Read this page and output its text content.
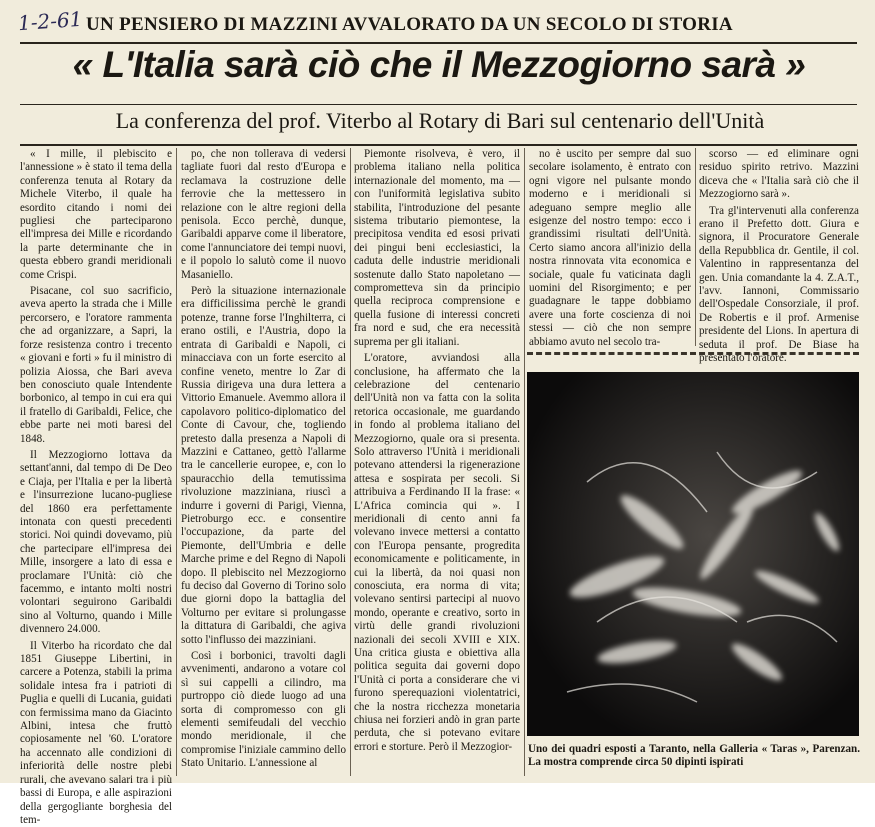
1-2-61 UN PENSIERO DI MAZZINI AVVALORATO DA UN SECOLO DI STORIA
« L'Italia sarà ciò che il Mezzogiorno sarà »
La conferenza del prof. Viterbo al Rotary di Bari sul centenario dell'Unità

« I mille, il plebiscito e l'annessione » è stato il tema della conferenza tenuta al Rotary da Michele Viterbo, il quale ha esordito citando i nomi dei pugliesi che parteciparono ell'impresa dei Mille e ricordando la parte determinante che in questa ebbero grandi meridionali come Crispi.

Pisacane, col suo sacrificio, aveva aperto la strada che i Mille percorsero, e l'oratore rammenta che ad organizzare, a Sapri, la forze resistenza contro i trecento « giovani e forti » fu il ministro di polizia Aiossa, che Bari aveva ben conosciuto quale Intendente borbonico, al tempo in cui era qui il fratello di Garibaldi, Felice, che ebbe parte nei moti baresi del 1848.

Il Mezzogiorno lottava da settant'anni, dal tempo di De Deo e Ciaja, per l'Italia e per la libertà e l'insurrezione lucano-pugliese del 1860 era perfettamente intonata con questi precedenti storici. Noi quindi dovevamo, più che partecipare ell'impresa dei Mille, insorgere a lato di essa e proclamare l'Unità: ciò che facemmo, e intanto molti nostri volontari seguirono Garibaldi sino al Volturno, quando i Mille divennero 24.000.

Il Viterbo ha ricordato che dal 1851 Giuseppe Libertini, in carcere a Potenza, stabili la prima solidale intesa fra i patrioti di Puglia e quelli di Lucania, guidati con fermissima mano da Giacinto Albini, intesa che fruttò copiosamente nel '60. L'oratore ha accennato alle condizioni di inferiorità delle nostre plebi rurali, che avevano salari tra i più bassi di Europa, e alle aspirazioni della gergogliante borghesia del tem-

po, che non tollerava di vedersi tagliate fuori dal resto d'Europa e reclamava la costruzione delle ferrovie che la mettessero in relazione con le altre regioni della penisola. Ecco perchè, dunque, Garibaldi apparve come il liberatore, come l'annunciatore dei tempi nuovi, e il popolo lo salutò come il nuovo Masaniello.

Però la situazione internazionale era difficilissima perchè le grandi potenze, tranne forse l'Inghilterra, ci erano ostili, e l'Austria, dopo la entrata di Garibaldi e Napoli, ci minacciava con un forte esercito al confine veneto, mentre lo Zar di Russia dirigeva una dura lettera a Vittorio Emanuele. Avemmo allora il capolavoro politico-diplomatico del Conte di Cavour, che, togliendo pretesto dalla presenza a Napoli di Mazzini e Cattaneo, gettò l'allarme tra le cancellerie europee, e, con lo spauracchio della temutissima rivoluzione mazziniana, riuscì a indurre i governi di Parigi, Vienna, Pietroburgo ecc. e consentire l'occupazione, da parte del Piemonte, dell'Umbria e delle Marche prime e del Regno di Napoli dopo. Il plebiscito nel Mezzogiorno fu deciso dal Governo di Torino solo due giorni dopo la battaglia del Volturno per evitare si prolungasse la dittatura di Garibaldi, che agiva sotto l'influsso dei mazziniani.

Così i borbonici, travolti dagli avvenimenti, andarono a votare col sì sui cappelli a cilindro, ma purtroppo ciò diede luogo ad una sorta di compromesso con gli elementi semifeudali del vecchio mondo meridionale, il che compromise l'iniziale cammino dello Stato Unitario. L'annessione al

Piemonte risolveva, è vero, il problema italiano nella politica internazionale del momento, ma — con l'uniformità legislativa subito stabilita, l'introduzione del pesante sistema tributario piemontese, la precipitosa vendita ed esosi privati dei pingui beni ecclesiastici, la caduta delle industrie meridionali sostenute dallo Stato napoletano — comprometteva sin da principio quella reciproca comprensione e quella fusione di interessi concreti fra nord e sud, che era necessità suprema per gli italiani.

L'oratore, avviandosi alla conclusione, ha affermato che la celebrazione del centenario dell'Unità non va fatta con la solita retorica occasionale, me guardando in fondo al problema italiano del Mezzogiorno, quale ora si presenta. Solo attraverso l'Unità i meridionali potevano attendersi la rigenerazione attesa e sospirata per secoli. Si attribuiva a Ferdinando II la frase: « L'Africa comincia qui ». I meridionali di cento anni fa volevano invece mettersi a contatto con l'Europa pensante, progredita economicamente e politicamente, in cui la libertà, da noi quasi non conosciuta, era norma di vita; volevano sentirsi partecipi al nuovo mondo, operante e creativo, sorto in virtù delle grandi rivoluzioni nazionali dei secoli XVIII e XIX. Una critica giusta e obiettiva alla politica seguita dai governi dopo l'Unità ci porta a considerare che vi furono sperequazioni violentatrici, che la nostra ricchezza monetaria chiusa nei forzieri andò in gran parte perduta, che si potevano evitare errori e storture. Però il Mezzogior-

no è uscito per sempre dal suo secolare isolamento, è entrato con ogni vigore nel pulsante mondo moderno e i meridionali si adeguano sempre meglio alle esigenze del nostro tempo: ecco i grandissimi risultati dell'Unità. Certo siamo ancora all'inizio della nostra rinnovata vita economica e sociale, quale fu vaticinata dagli uomini del Risorgimento; e per guadagnare le tappe dobbiamo avere una forte coscienza di noi stessi — ciò che non sempre abbiamo avuto nel secolo tra-

scorso — ed eliminare ogni residuo spirito retrivo. Mazzini diceva che « l'Italia sarà ciò che il Mezzogiorno sarà ».

Tra gl'intervenuti alla conferenza erano il Prefetto dott. Giura e signora, il Procuratore Generale della Repubblica dr. Gentile, il col. Valentino in rappresentanza del gen. Unia comandante la 4. Z.A.T., l'avv. Iannoni, Commissario dell'Ospedale Consorziale, il prof. De Robertis e il prof. Armenise presidente del Lions. In apertura di seduta il prof. De Biase ha presentato l'oratore.

Uno dei quadri esposti a Taranto, nella Galleria « Taras », Parenzan. La mostra comprende circa 50 dipinti ispirati
